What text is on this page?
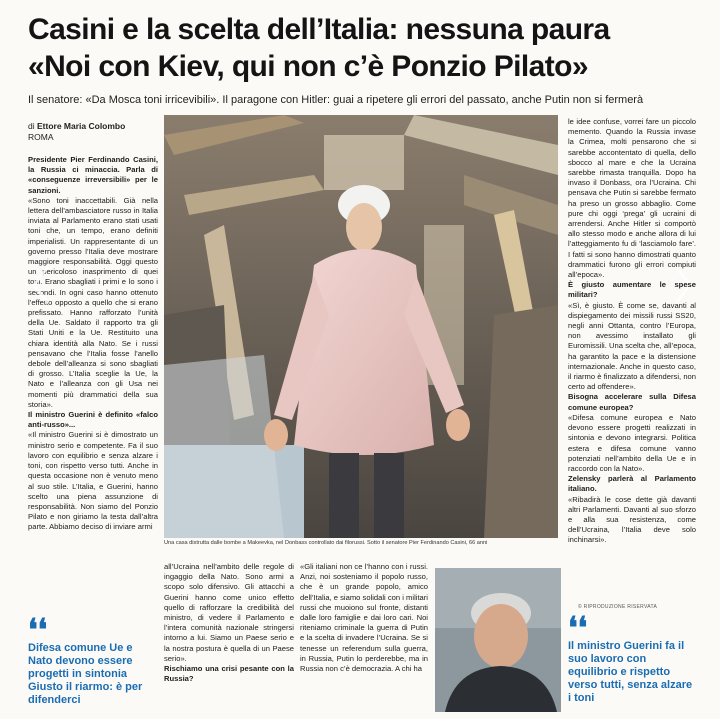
Casini e la scelta dell’Italia: nessuna paura
«Noi con Kiev, qui non c’è Ponzio Pilato»
Il senatore: «Da Mosca toni irricevibili». Il paragone con Hitler: guai a ripetere gli errori del passato, anche Putin non si fermerà
di Ettore Maria Colombo
ROMA

Presidente Pier Ferdinando Casini, la Russia ci minaccia. Parla di «conseguenze irreversibili» per le sanzioni.

«Sono toni inaccettabili. Già nella lettera dell’ambasciatore russo in Italia inviata al Parlamento erano stati usati toni che, un tempo, erano definiti imperialisti. Un rappresentante di un governo presso l’Italia deve mostrare maggiore responsabilità. Oggi questo un pericoloso inasprimento di quei toni. Erano sbagliati i primi e lo sono i secondi. In ogni caso hanno ottenuto l’effetto opposto a quello che si erano prefissato. Hanno rafforzato l’unità della Ue. Saldato il rapporto tra gli Stati Uniti e la Ue. Restituito una chiara identità alla Nato. Se i russi pensavano che l’Italia fosse l’anello debole dell’alleanza si sono sbagliati di grosso. L’Italia sceglie la Ue, la Nato e l’alleanza con gli Usa nei momenti più drammatici della sua storia».

Il ministro Guerini è definito «falco anti-russo»...

«Il ministro Guerini si è dimostrato un ministro serio e competente. Fa il suo lavoro con equilibrio e senza alzare i toni, con rispetto verso tutti. Anche in questa occasione non è venuto meno al suo stile. L’Italia, e Guerini, hanno scelto una piena assunzione di responsabilità. Non siamo del Ponzio Pilato e non giriamo la testa dall’altra parte. Abbiamo deciso di inviare armi

Una casa distrutta dalle bombe a Makeevka, nel Donbass controllato dai filorussi. Sotto il senatore Pier Ferdinando Casini, 66 anni

all’Ucraina nell’ambito delle regole di ingaggio della Nato. Sono armi a scopo solo difensivo. Gli attacchi a Guerini hanno come unico effetto quello di rafforzare la credibilità del ministro, di vedere il Parlamento e l’intera comunità nazionale stringersi intorno a lui. Siamo un Paese serio e la nostra postura è quella di un Paese serio».

Rischiamo una crisi pesante con la Russia?

«Gli italiani non ce l’hanno con i russi. Anzi, noi sosteniamo il popolo russo, che è un grande popolo, amico dell’Italia, e siamo solidali con i militari russi che muoiono sul fronte, distanti dalle loro famiglie e dai loro cari. Noi riteniamo criminale la guerra di Putin e la scelta di invadere l’Ucraina. Se si tenesse un referendum sulla guerra, in Russia, Putin lo perderebbe, ma in Russia non c’è democrazia. A chi ha

le idee confuse, vorrei fare un piccolo memento. Quando la Russia invase la Crimea, molti pensarono che si sarebbe accontentato di quella, dello sbocco al mare e che la Ucraina sarebbe rimasta tranquilla. Dopo ha invaso il Donbass, ora l’Ucraina. Chi pensava che Putin si sarebbe fermato ha preso un grosso abbaglio. Come pure chi oggi ‘prega’ gli ucraini di arrendersi. Anche Hitler si comportò allo stesso modo e anche allora di lui l’atteggiamento fu di ‘lasciamolo fare’. I fatti si sono hanno dimostrati quanto drammatici furono gli errori compiuti all’epoca».

È giusto aumentare le spese militari?

«Sì, è giusto. È come se, davanti al dispiegamento dei missili russi SS20, negli anni Ottanta, contro l’Europa, non avessimo installato gli Euromissili. Una scelta che, all’epoca, ha garantito la pace e la distensione internazionale. Anche in questo caso, il riarmo è finalizzato a difendersi, non certo ad offendere».

Bisogna accelerare sulla Difesa comune europea?

«Difesa comune europea e Nato devono essere progetti realizzati in sintonia e devono integrarsi. Politica estera e difesa comune vanno potenziati nell’ambito della Ue e in raccordo con la Nato».

Zelensky parlerà al Parlamento italiano.

«Ribadirà le cose dette già davanti altri Parlamenti. Davanti al suo sforzo e alla sua resistenza, come dell’Ucraina, l’Italia deve solo inchinarsi».

© RIPRODUZIONE RISERVATA
❛❛
Difesa comune Ue e Nato devono essere progetti in sintonia Giusto il riarmo: è per difenderci
❛❛
Il ministro Guerini fa il suo lavoro con equilibrio e rispetto verso tutti, senza alzare i toni
